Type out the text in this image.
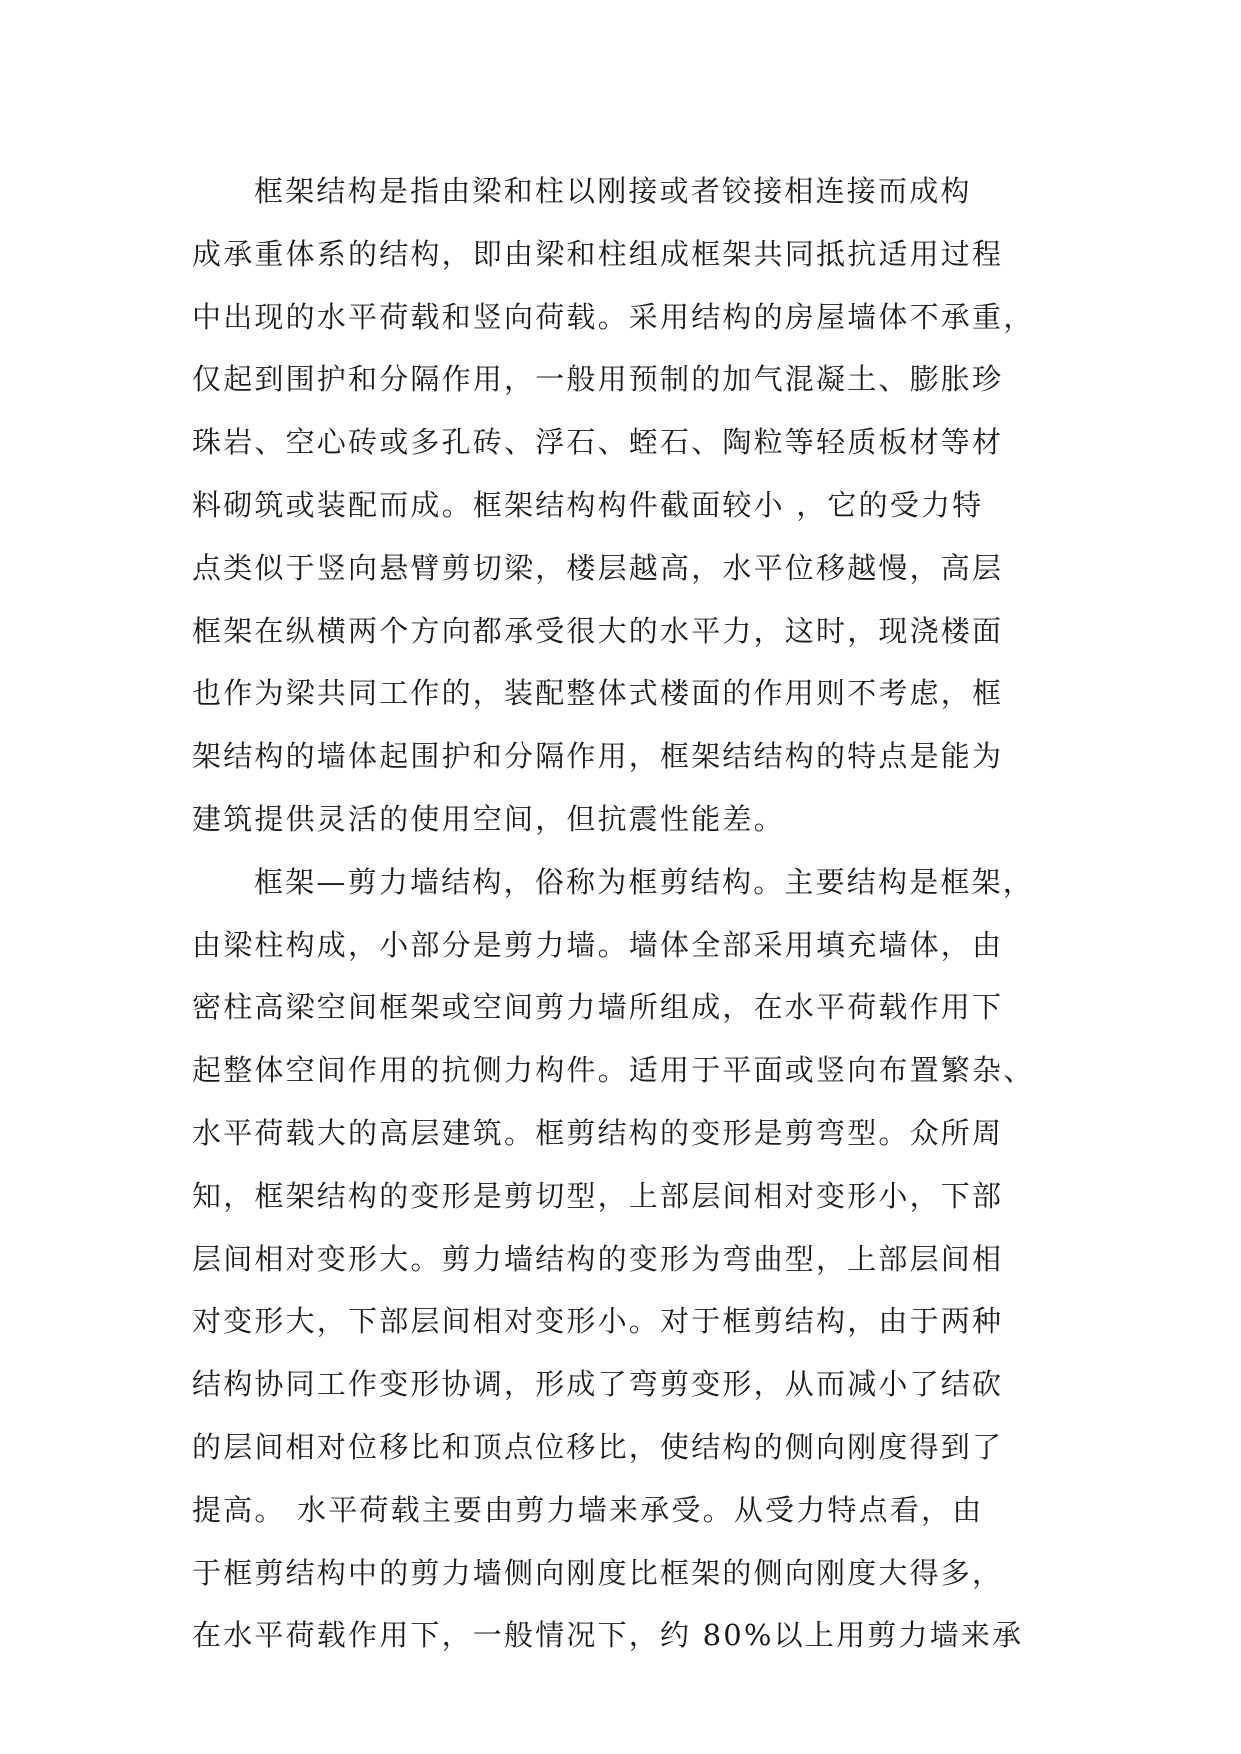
框架结构是指由梁和柱以刚接或者铰接相连接而成构
成承重体系的结构，即由梁和柱组成框架共同抵抗适用过程
中出现的水平荷载和竖向荷载。采用结构的房屋墙体不承重，
仅起到围护和分隔作用，一般用预制的加气混凝土、膨胀珍
珠岩、空心砖或多孔砖、浮石、蛭石、陶粒等轻质板材等材
料砌筑或装配而成。框架结构构件截面较小 ，它的受力特
点类似于竖向悬臂剪切梁，楼层越高，水平位移越慢，高层
框架在纵横两个方向都承受很大的水平力，这时，现浇楼面
也作为梁共同工作的，装配整体式楼面的作用则不考虑，框
架结构的墙体起围护和分隔作用，框架结结构的特点是能为
建筑提供灵活的使用空间，但抗震性能差。
框架—剪力墙结构，俗称为框剪结构。主要结构是框架，
由梁柱构成，小部分是剪力墙。墙体全部采用填充墙体，由
密柱高梁空间框架或空间剪力墙所组成，在水平荷载作用下
起整体空间作用的抗侧力构件。适用于平面或竖向布置繁杂、
水平荷载大的高层建筑。框剪结构的变形是剪弯型。众所周
知，框架结构的变形是剪切型，上部层间相对变形小，下部
层间相对变形大。剪力墙结构的变形为弯曲型，上部层间相
对变形大，下部层间相对变形小。对于框剪结构，由于两种
结构协同工作变形协调，形成了弯剪变形，从而减小了结砍
的层间相对位移比和顶点位移比，使结构的侧向刚度得到了
提高。 水平荷载主要由剪力墙来承受。从受力特点看，由
于框剪结构中的剪力墙侧向刚度比框架的侧向刚度大得多，
在水平荷载作用下，一般情况下，约 80%以上用剪力墙来承
